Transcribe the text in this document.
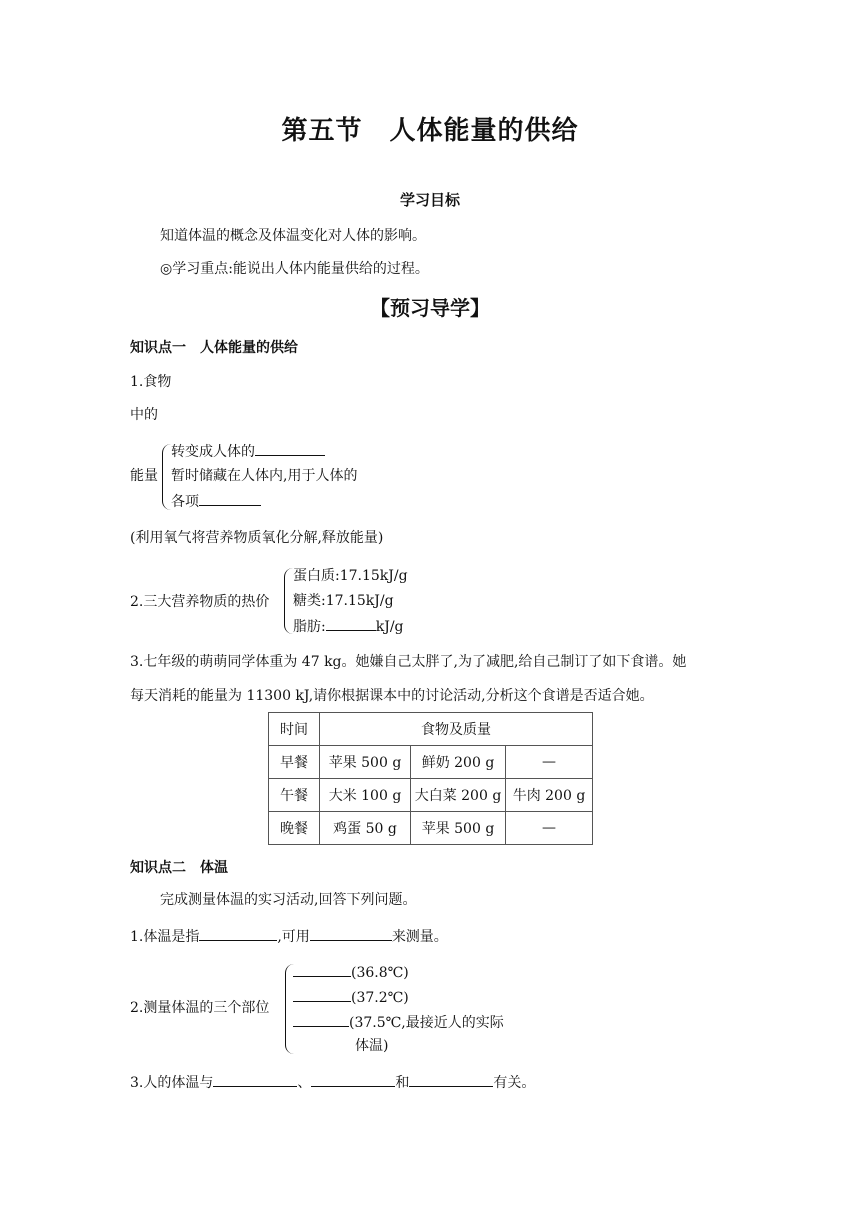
第五节　人体能量的供给
学习目标
知道体温的概念及体温变化对人体的影响。
◎学习重点:能说出人体内能量供给的过程。
【预习导学】
知识点一　人体能量的供给
1.食物
中的
能量
转变成人体的
暂时储藏在人体内,用于人体的
各项
(利用氧气将营养物质氧化分解,释放能量)
2.三大营养物质的热价
蛋白质:17.15kJ/g
糖类:17.15kJ/g
脂肪:	kJ/g
3.七年级的萌萌同学体重为 47 kg。她嫌自己太胖了,为了减肥,给自己制订了如下食谱。她
每天消耗的能量为 11300 kJ,请你根据课本中的讨论活动,分析这个食谱是否适合她。
时间	食物及质量		
早餐	苹果 500 g	鲜奶 200 g	—
午餐	大米 100 g	大白菜 200 g	牛肉 200 g
晚餐	鸡蛋 50 g	苹果 500 g	—
知识点二　体温
完成测量体温的实习活动,回答下列问题。
1.体温是指	,可用	来测量。
2.测量体温的三个部位
(36.8℃)
(37.2℃)
(37.5℃,最接近人的实际
体温)
3.人的体温与	、	和	有关。
